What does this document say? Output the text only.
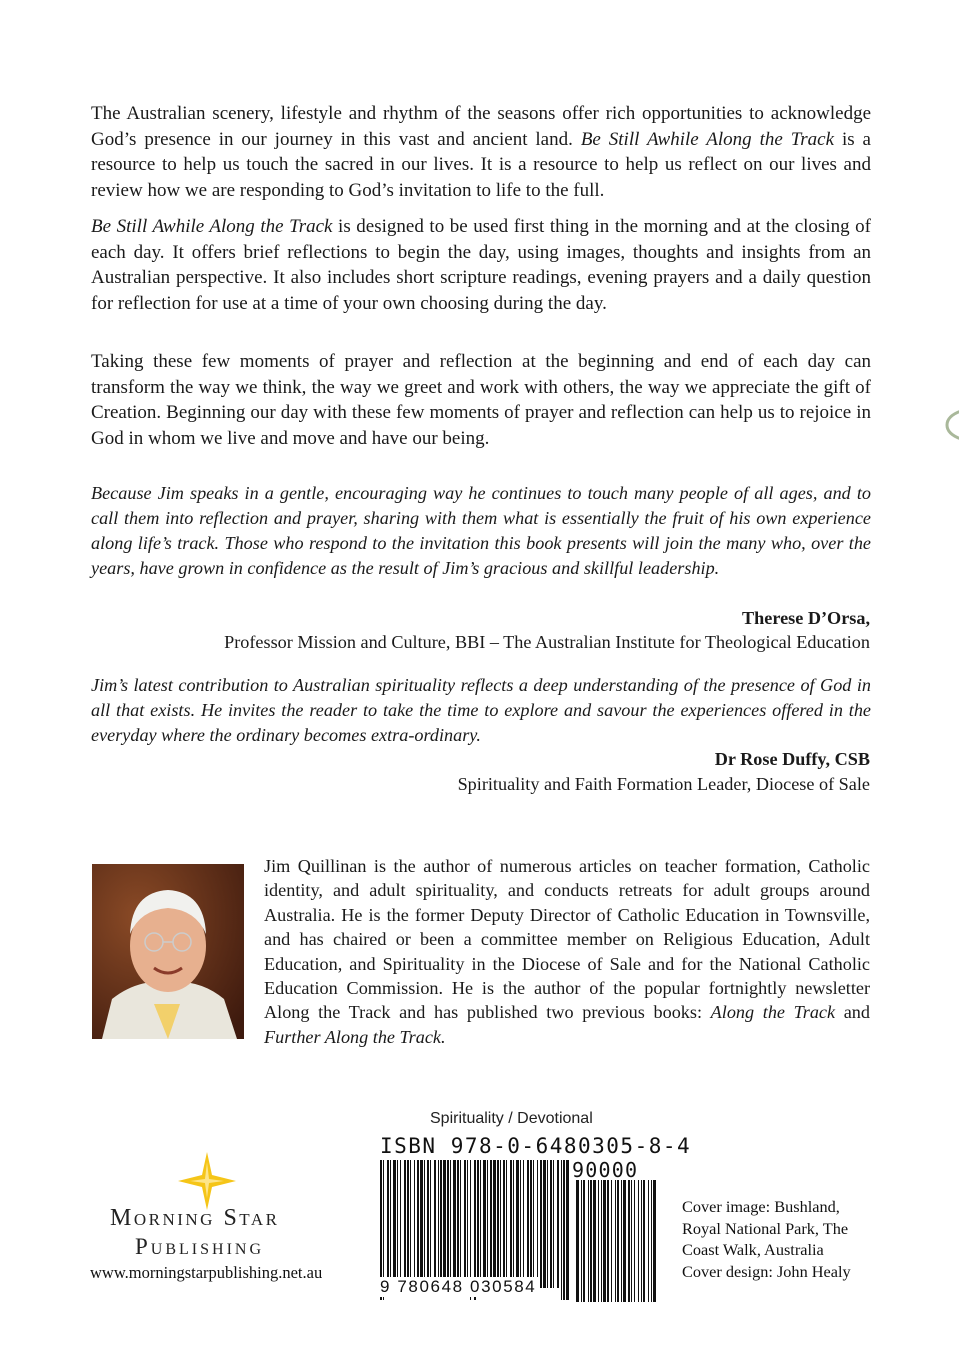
The Australian scenery, lifestyle and rhythm of the seasons offer rich opportunities to acknowledge God’s presence in our journey in this vast and ancient land. Be Still Awhile Along the Track is a resource to help us touch the sacred in our lives. It is a resource to help us reflect on our lives and review how we are responding to God’s invitation to life to the full.

Be Still Awhile Along the Track is designed to be used first thing in the morning and at the closing of each day. It offers brief reflections to begin the day, using images, thoughts and insights from an Australian perspective. It also includes short scripture readings, evening prayers and a daily question for reflection for use at a time of your own choosing during the day.

Taking these few moments of prayer and reflection at the beginning and end of each day can transform the way we think, the way we greet and work with others, the way we appreciate the gift of Creation. Beginning our day with these few moments of prayer and reflection can help us to rejoice in God in whom we live and move and have our being.

Because Jim speaks in a gentle, encouraging way he continues to touch many people of all ages, and to call them into reflection and prayer, sharing with them what is essentially the fruit of his own experience along life’s track. Those who respond to the invitation this book presents will join the many who, over the years, have grown in confidence as the result of Jim’s gracious and skillful leadership.

Therese D’Orsa,

Professor Mission and Culture, BBI – The Australian Institute for Theological Education

Jim’s latest contribution to Australian spirituality reflects a deep understanding of the presence of God in all that exists. He invites the reader to take the time to explore and savour the experiences offered in the everyday where the ordinary becomes extra-ordinary.

Dr Rose Duffy, CSB

Spirituality and Faith Formation Leader, Diocese of Sale

Jim Quillinan is the author of numerous articles on teacher formation, Catholic identity, and adult spirituality, and conducts retreats for adult groups around Australia. He is the former Deputy Director of Catholic Education in Townsville, and has chaired or been a committee member on Religious Education, Adult Education, and Spirituality in the Diocese of Sale and for the National Catholic Education Commission. He is the author of the popular fortnightly newsletter Along the Track and has published two previous books: Along the Track and Further Along the Track.

Spirituality / Devotional
ISBN 978-0-6480305-8-4
90000
9 780648 030584
Morning Star
Publishing
www.morningstarpublishing.net.au
Cover image: Bushland,
Royal National Park, The
Coast Walk, Australia
Cover design: John Healy
